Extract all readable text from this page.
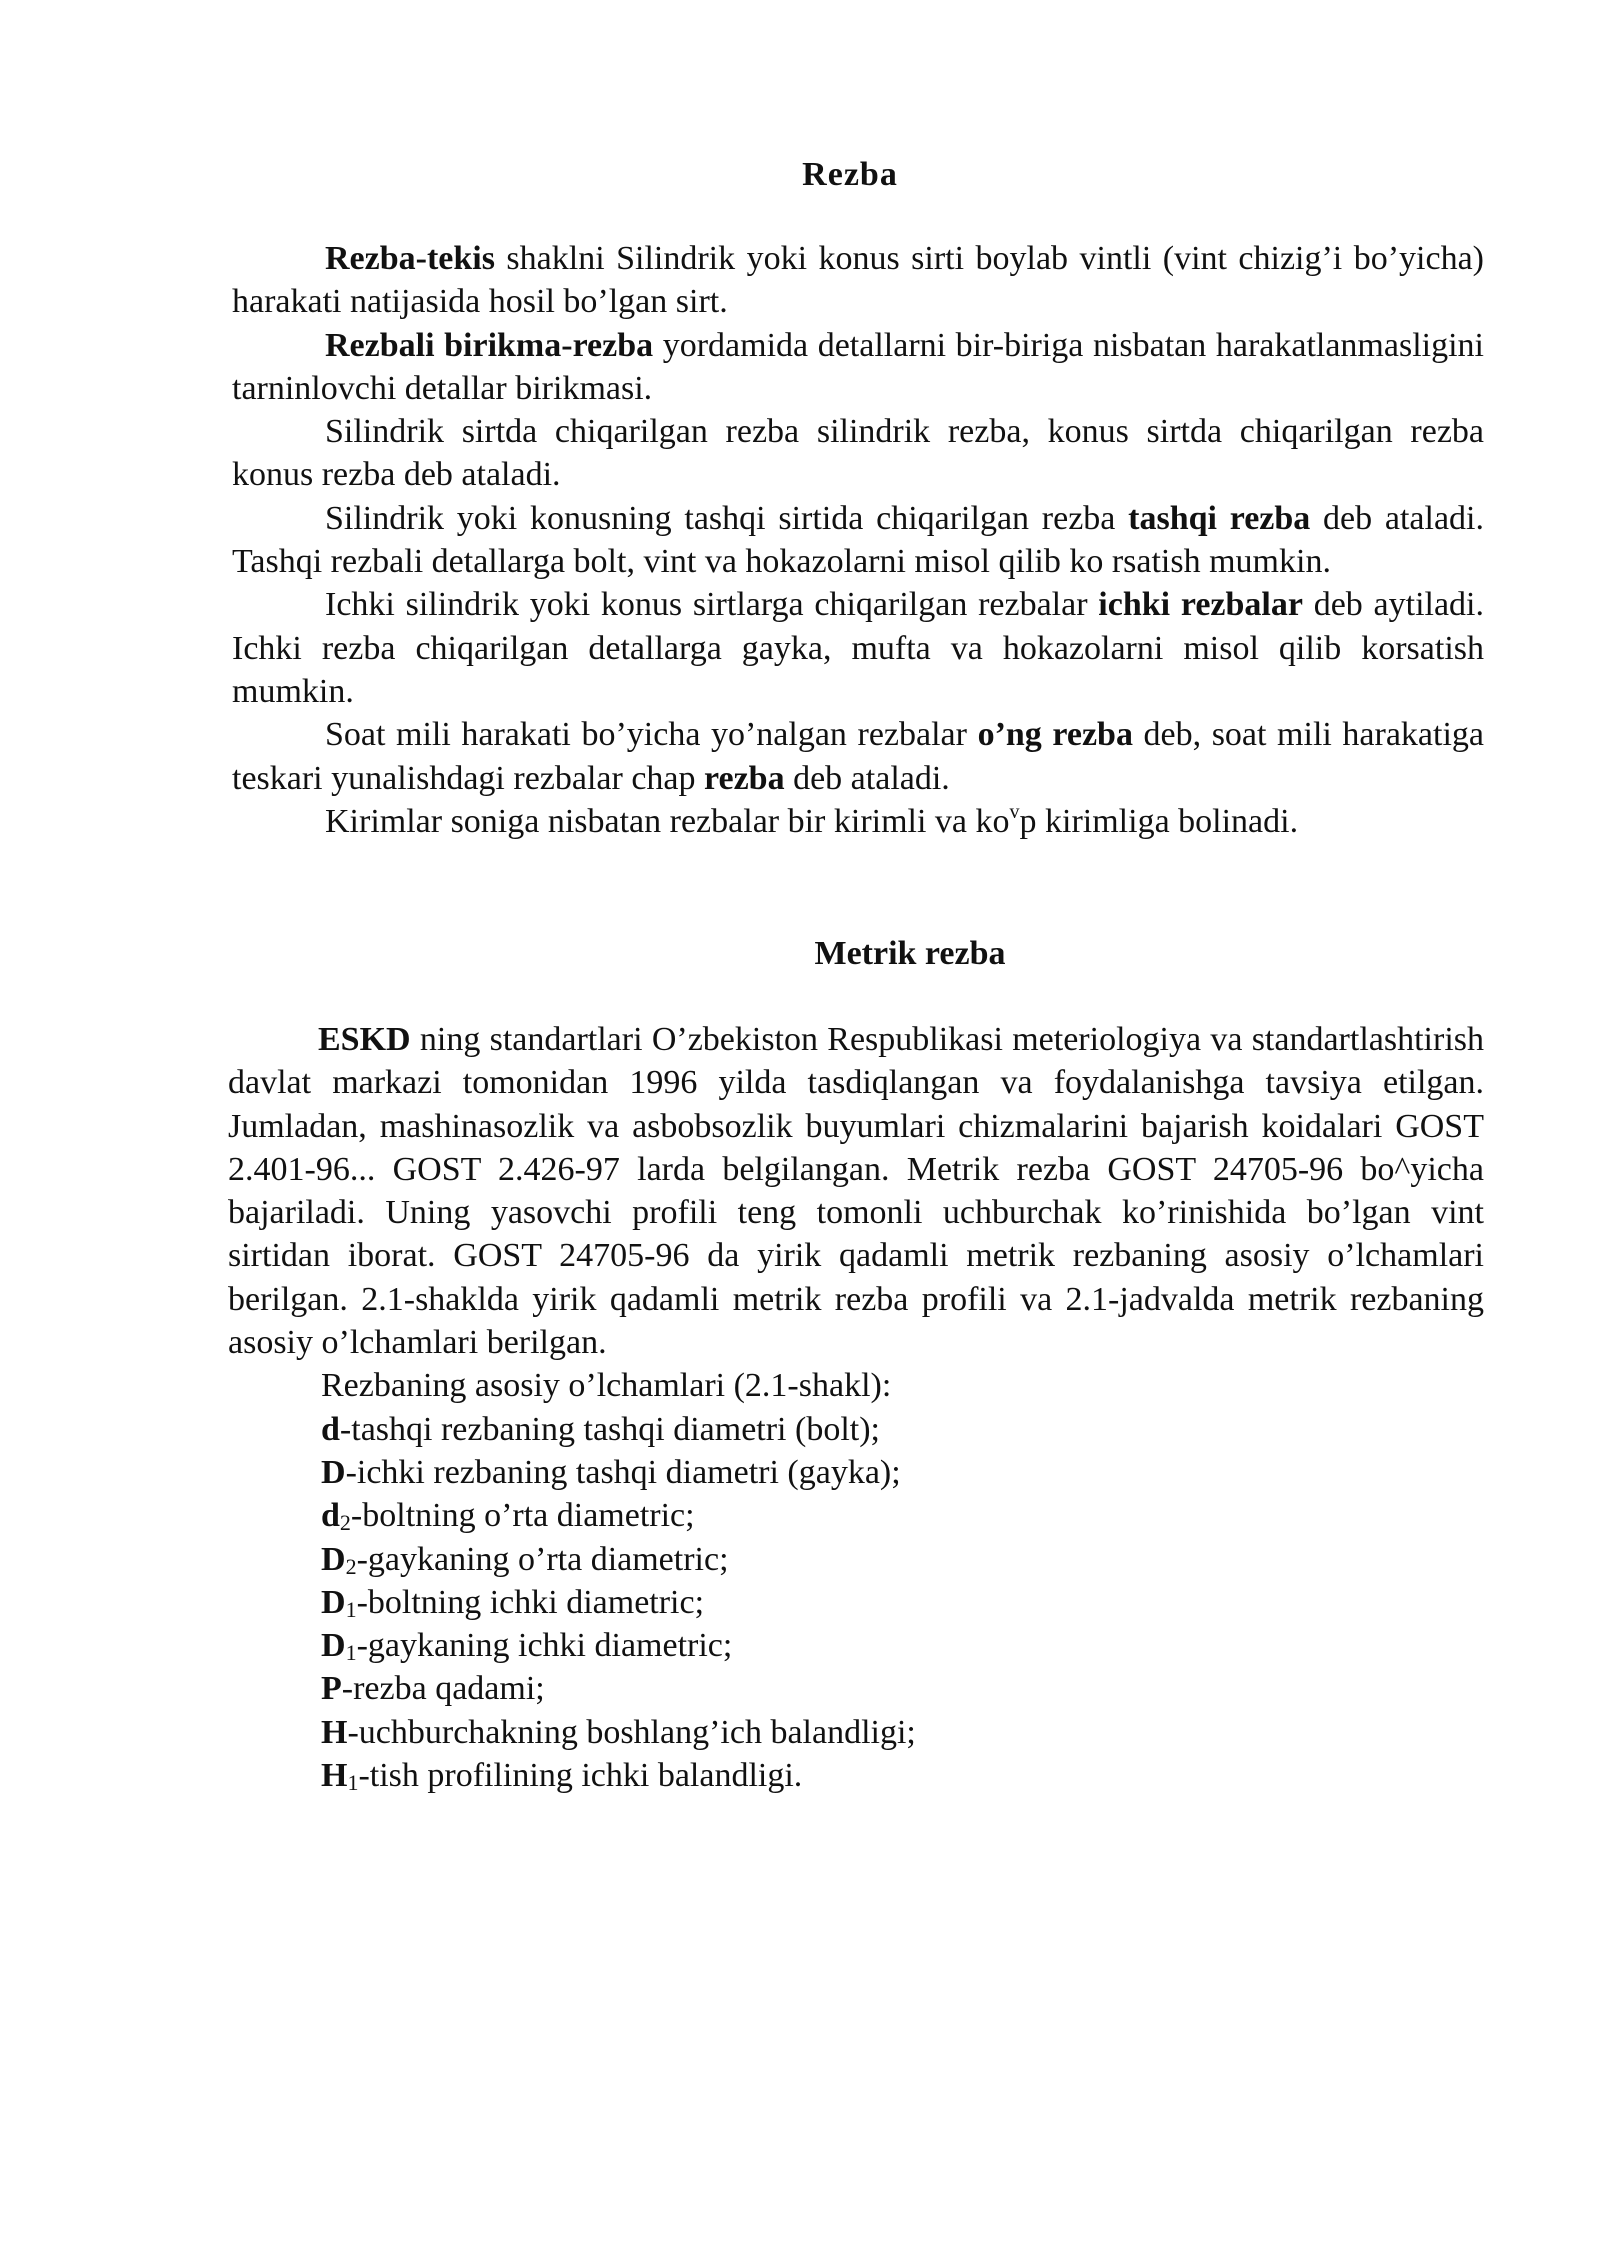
Rezba

Rezba-tekis shaklni Silindrik yoki konus sirti boylab vintli (vint chizig’i bo’yicha) harakati natijasida hosil bo’lgan sirt.

Rezbali birikma-rezba yordamida detallarni bir-biriga nisbatan harakatlanmasligini tarninlovchi detallar birikmasi.

Silindrik sirtda chiqarilgan rezba silindrik rezba, konus sirtda chiqarilgan rezba konus rezba deb ataladi.

Silindrik yoki konusning tashqi sirtida chiqarilgan rezba tashqi rezba deb ataladi. Tashqi rezbali detallarga bolt, vint va hokazolarni misol qilib ko rsatish mumkin.

Ichki silindrik yoki konus sirtlarga chiqarilgan rezbalar ichki rezbalar deb aytiladi. Ichki rezba chiqarilgan detallarga gayka, mufta va hokazolarni misol qilib korsatish mumkin.

Soat mili harakati bo’yicha yo’nalgan rezbalar o’ng rezba deb, soat mili harakatiga teskari yunalishdagi rezbalar chap rezba deb ataladi.

Kirimlar soniga nisbatan rezbalar bir kirimli va $ko^vp$ kirimliga bolinadi.

Metrik rezba

ESKD ning standartlari O’zbekiston Respublikasi meteriologiya va standartlashtirish davlat markazi tomonidan 1996 yilda tasdiqlangan va foydalanishga tavsiya etilgan. Jumladan, mashinasozlik va asbobsozlik buyumlari chizmalarini bajarish koidalari GOST 2.401-96... GOST 2.426-97 larda belgilangan. Metrik rezba GOST 24705-96 bo^yicha bajariladi. Uning yasovchi profili teng tomonli uchburchak ko’rinishida bo’lgan vint sirtidan iborat. GOST 24705-96 da yirik qadamli metrik rezbaning asosiy o’lchamlari berilgan. 2.1-shaklda yirik qadamli metrik rezba profili va 2.1-jadvalda metrik rezbaning asosiy o’lchamlari berilgan.

Rezbaning asosiy o’lchamlari (2.1-shakl):
d-tashqi rezbaning tashqi diametri (bolt);
D-ichki rezbaning tashqi diametri (gayka);
$d_2$-boltning o’rta diametric;
$D_2$-gaykaning o’rta diametric;
$D_1$-boltning ichki diametric;
$D_1$-gaykaning ichki diametric;
P-rezba qadami;
H-uchburchakning boshlang’ich balandligi;
$H_1$-tish profilining ichki balandligi.
